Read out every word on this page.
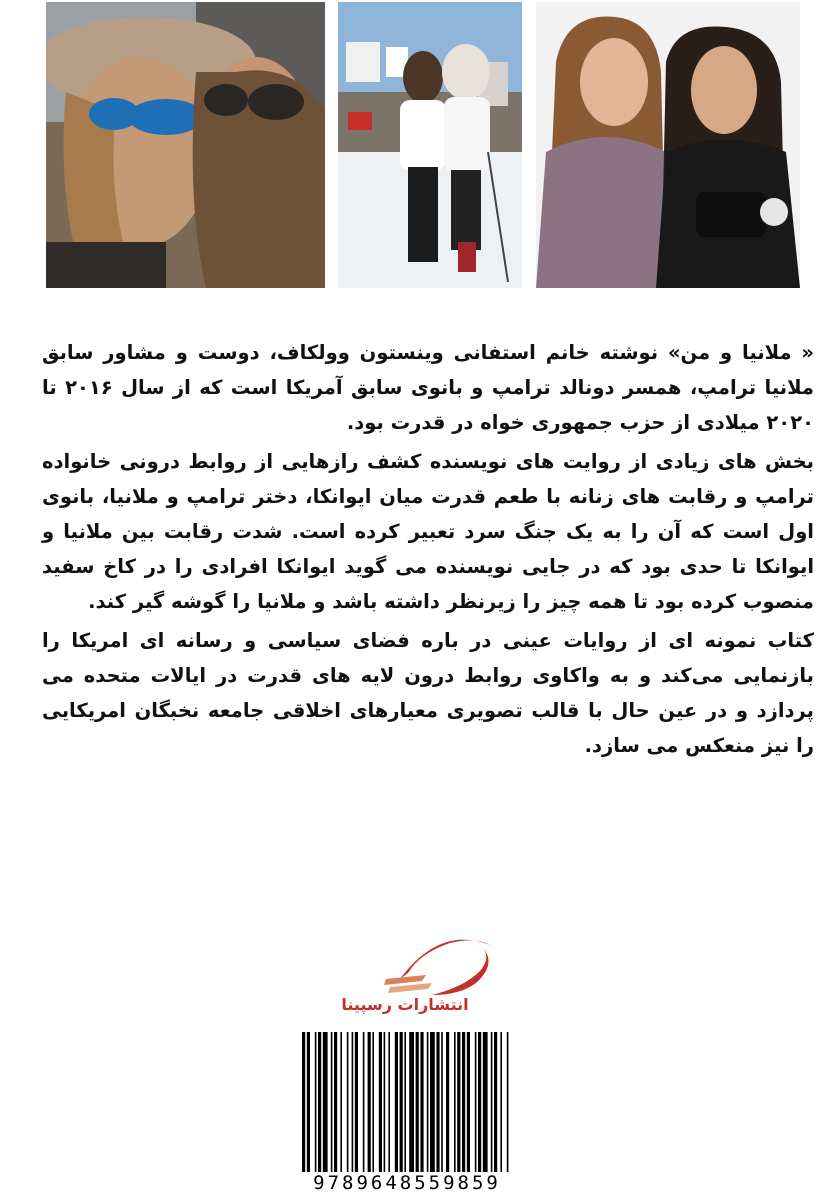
« ملانیا و من» نوشته خانم استفانی وینستون وولکاف، دوست و مشاور سابق ملانیا ترامپ، همسر دونالد ترامپ و بانوی سابق آمریکا است که از سال ۲۰۱۶ تا ۲۰۲۰ میلادی از حزب جمهوری خواه در قدرت بود.

بخش های زیادی از روایت های نویسنده کشف رازهایی از روابط درونی خانواده ترامپ و رقابت های زنانه با طعم قدرت میان ایوانکا، دختر ترامپ و ملانیا، بانوی اول است که آن را به یک جنگ سرد تعبیر کرده است. شدت رقابت بین ملانیا و ایوانکا تا حدی بود که در جایی نویسنده می گوید ایوانکا افرادی را در کاخ سفید منصوب کرده بود تا همه چیز را زیرنظر داشته باشد و ملانیا را گوشه گیر کند.

کتاب نمونه ای از روایات عینی در باره فضای سیاسی و رسانه ای امریکا را بازنمایی می‌کند و به واکاوی روابط درون لایه های قدرت در ایالات متحده می پردازد و در عین حال با قالب تصویری معیارهای اخلاقی جامعه نخبگان امریکایی را نیز منعکس می سازد.

انتشارات رسپینا
9789648559859
